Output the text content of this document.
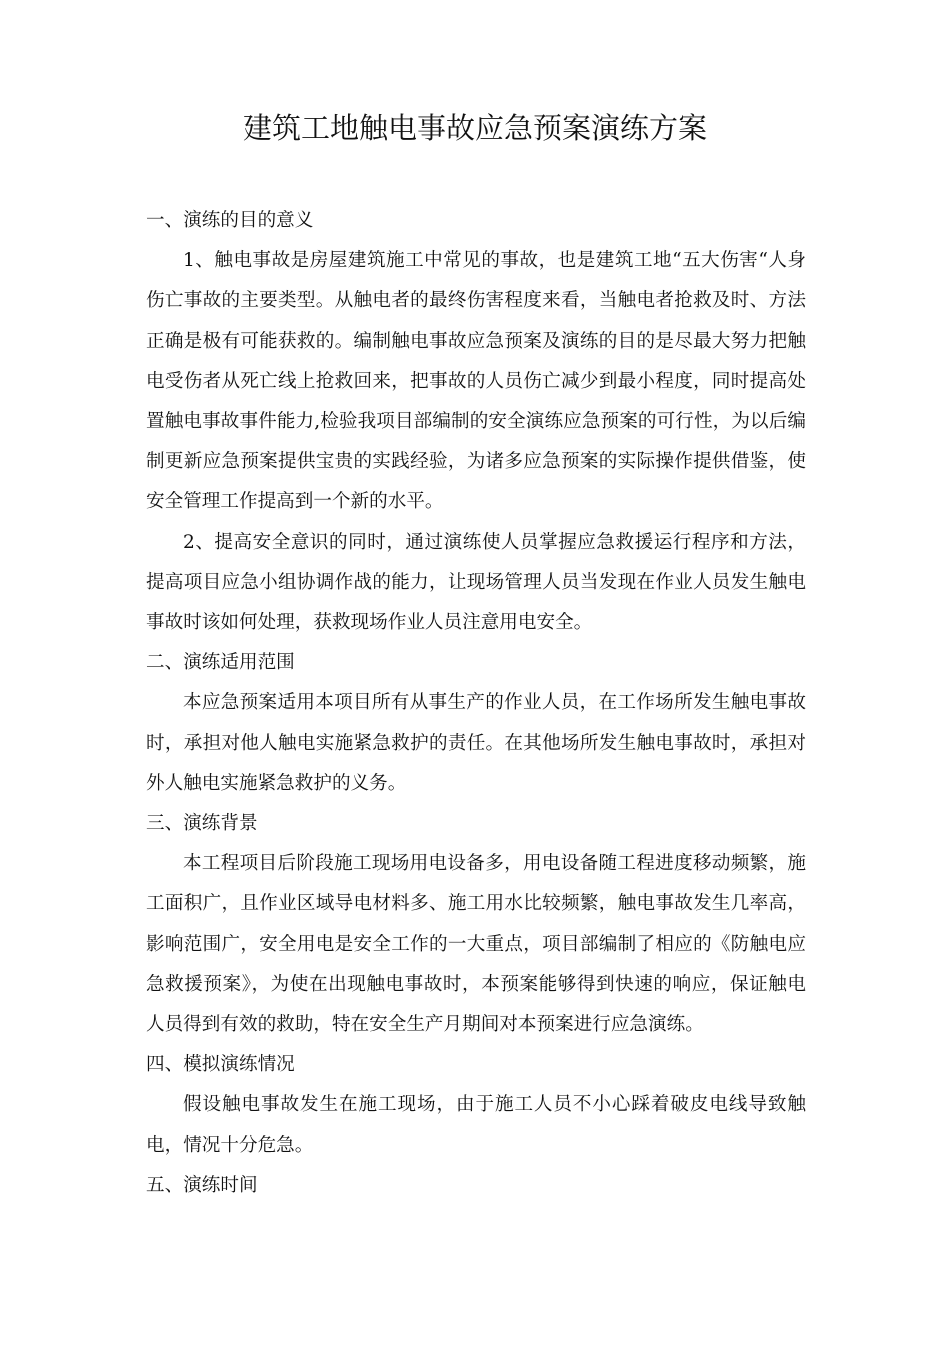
建筑工地触电事故应急预案演练方案

一、演练的目的意义

1、触电事故是房屋建筑施工中常见的事故，也是建筑工地“五大伤害“人身伤亡事故的主要类型。从触电者的最终伤害程度来看，当触电者抢救及时、方法正确是极有可能获救的。编制触电事故应急预案及演练的目的是尽最大努力把触电受伤者从死亡线上抢救回来，把事故的人员伤亡减少到最小程度，同时提高处置触电事故事件能力,检验我项目部编制的安全演练应急预案的可行性，为以后编制更新应急预案提供宝贵的实践经验，为诸多应急预案的实际操作提供借鉴，使安全管理工作提高到一个新的水平。

2、提高安全意识的同时，通过演练使人员掌握应急救援运行程序和方法，提高项目应急小组协调作战的能力，让现场管理人员当发现在作业人员发生触电事故时该如何处理，获救现场作业人员注意用电安全。

二、演练适用范围

本应急预案适用本项目所有从事生产的作业人员，在工作场所发生触电事故时，承担对他人触电实施紧急救护的责任。在其他场所发生触电事故时，承担对外人触电实施紧急救护的义务。

三、演练背景

本工程项目后阶段施工现场用电设备多，用电设备随工程进度移动频繁，施工面积广，且作业区域导电材料多、施工用水比较频繁，触电事故发生几率高，影响范围广，安全用电是安全工作的一大重点，项目部编制了相应的《防触电应急救援预案》，为使在出现触电事故时，本预案能够得到快速的响应，保证触电人员得到有效的救助，特在安全生产月期间对本预案进行应急演练。

四、模拟演练情况

假设触电事故发生在施工现场，由于施工人员不小心踩着破皮电线导致触电，情况十分危急。

五、演练时间
